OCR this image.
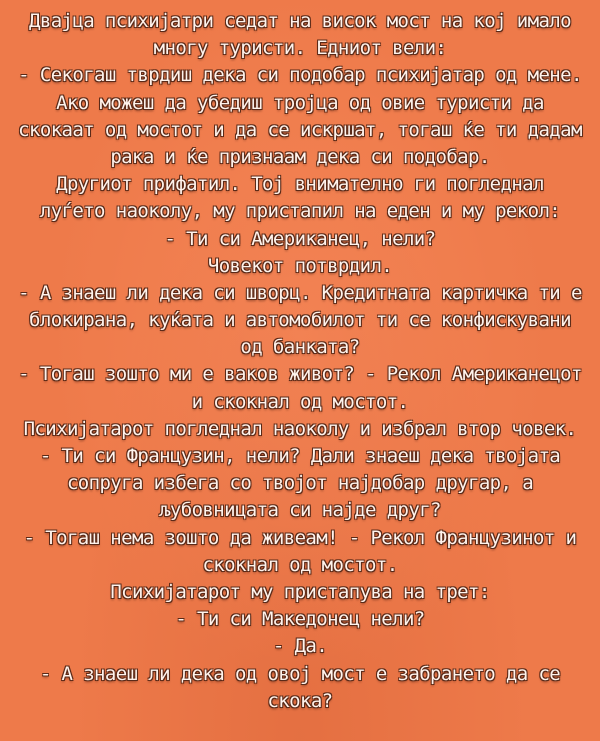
Двајца психијатри седат на висок мост на кој имало

многу туристи. Едниот вели:

- Секогаш тврдиш дека си подобар психијатар од мене.

Ако можеш да убедиш тројца од овие туристи да

скокаат од мостот и да се искршат, тогаш ќе ти дадам

рака и ќе признаам дека си подобар.

Другиот прифатил. Тој внимателно ги погледнал

луѓето наоколу, му пристапил на еден и му рекол:

- Ти си Американец, нели?

Човекот потврдил.

- А знаеш ли дека си шворц. Кредитната картичка ти е

блокирана, куќата и автомобилот ти се конфискувани

од банката?

- Тогаш зошто ми е ваков живот? - Рекол Американецот

и скокнал од мостот.

Психијатарот погледнал наоколу и избрал втор човек.

- Ти си Французин, нели? Дали знаеш дека твојата

сопруга избега со твојот најдобар другар, а

љубовницата си најде друг?

- Тогаш нема зошто да живеам! - Рекол Французинот и

скокнал од мостот.

Психијатарот му пристапува на трет:

- Ти си Македонец нели?

- Да.

- А знаеш ли дека од овој мост е забрането да се

скока?
